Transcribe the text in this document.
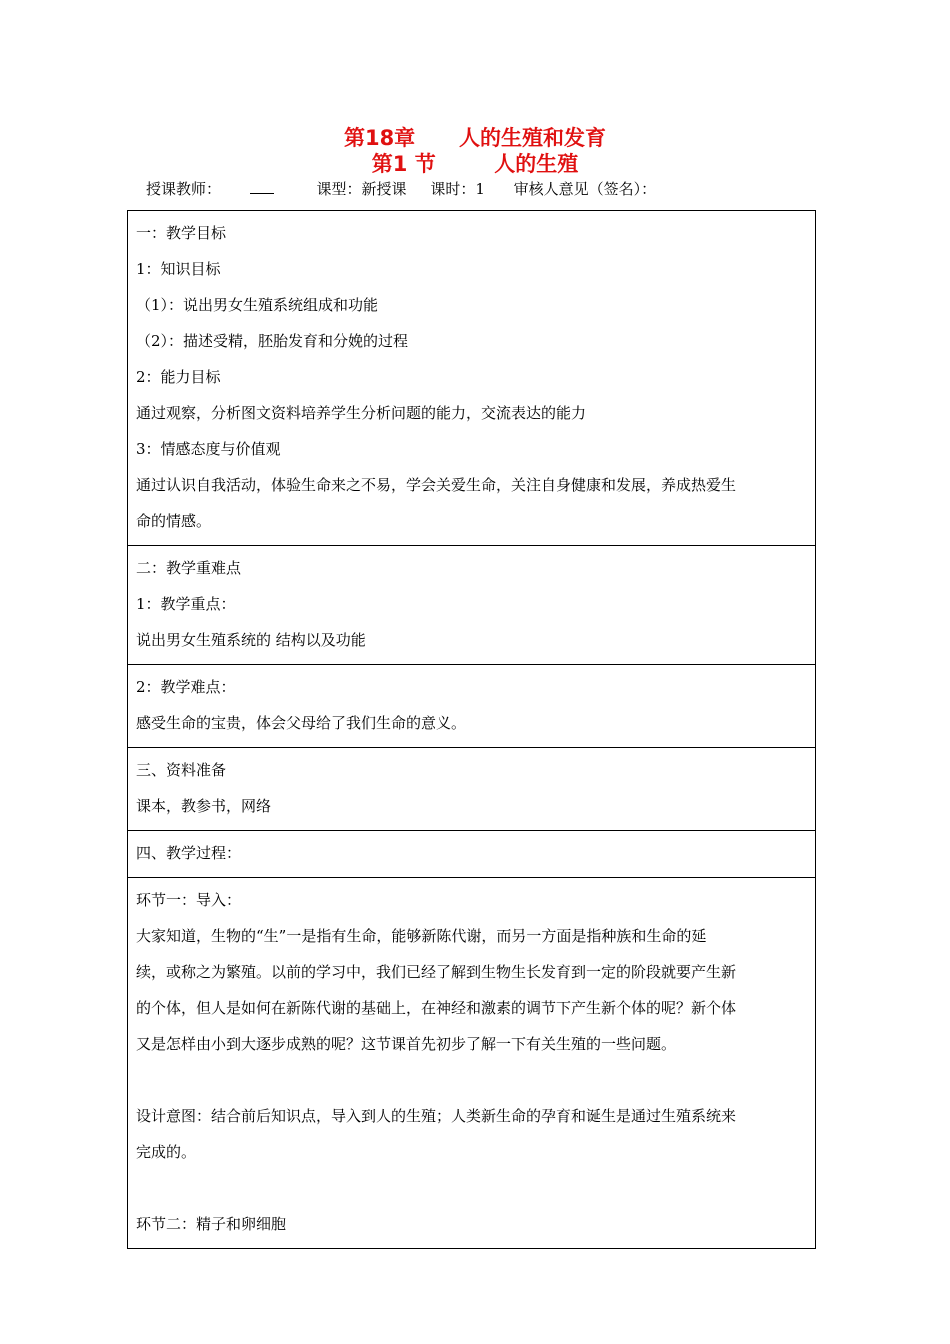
第18章      人的生殖和发育
第1 节        人的生殖
授课教师：	课型：新授课 课时：1 审核人意见（签名）：

一：教学目标

1：知识目标

（1）：说出男女生殖系统组成和功能

（2）：描述受精，胚胎发育和分娩的过程

2：能力目标

通过观察，分析图文资料培养学生分析问题的能力，交流表达的能力

3：情感态度与价值观

通过认识自我活动，体验生命来之不易，学会关爱生命，关注自身健康和发展，养成热爱生

命的情感。

二：教学重难点

1：教学重点：

说出男女生殖系统的 结构以及功能

2：教学难点：

感受生命的宝贵，体会父母给了我们生命的意义。

三、资料准备

课本，教参书，网络

四、教学过程：

环节一：导入：

大家知道，生物的“生”一是指有生命，能够新陈代谢，而另一方面是指种族和生命的延

续，或称之为繁殖。以前的学习中，我们已经了解到生物生长发育到一定的阶段就要产生新

的个体，但人是如何在新陈代谢的基础上，在神经和激素的调节下产生新个体的呢？新个体

又是怎样由小到大逐步成熟的呢？这节课首先初步了解一下有关生殖的一些问题。

设计意图：结合前后知识点，导入到人的生殖；人类新生命的孕育和诞生是通过生殖系统来

完成的。

环节二：精子和卵细胞
